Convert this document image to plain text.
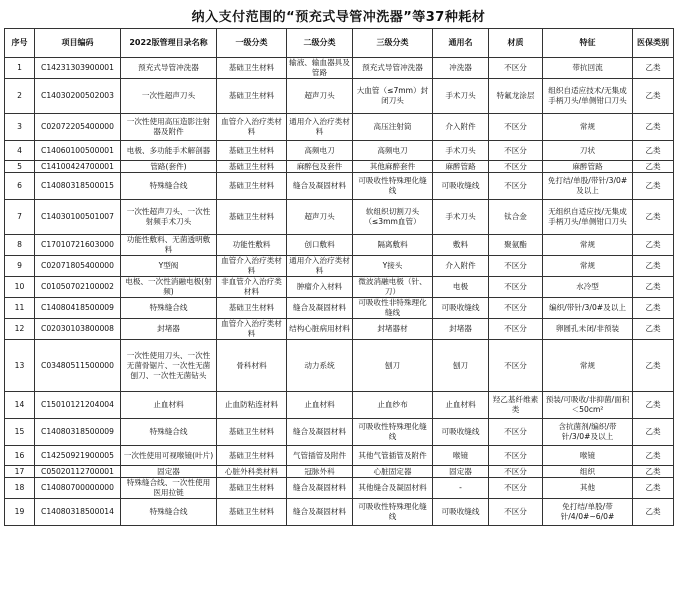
纳入支付范围的“预充式导管冲洗器”等37种耗材
序号	项目编码	2022版管理目录名称	一级分类	二级分类	三级分类	通用名	材质	特征	医保类别
1	C14231303900001	预充式导管冲洗器	基础卫生材料	输液、输血器具及管路	预充式导管冲洗器	冲洗器	不区分	带抗回流	乙类
2	C14030200502003	一次性超声刀头	基础卫生材料	超声刀头	大血管（≤7mm）封闭刀头	手术刀头	特氟龙涂层	组织自适应技术/无集成手柄刀头/单侧钳口刀头	乙类
3	C02072205400000	一次性使用高压造影注射器及附件	血管介入治疗类材料	通用介入治疗类材料	高压注射筒	介入附件	不区分	常规	乙类
4	C14060100500001	电极、多功能手术解剖器	基础卫生材料	高频电刀	高频电刀	手术刀头	不区分	刀状	乙类
5	C14100424700001	管路(套件)	基础卫生材料	麻醉包及套件	其他麻醉套件	麻醉管路	不区分	麻醉管路	乙类
6	C14080318500015	特殊缝合线	基础卫生材料	缝合及凝固材料	可吸收性特殊理化缝线	可吸收缝线	不区分	免打结/单股/带针/3/0#及以上	乙类
7	C14030100501007	一次性超声刀头、一次性射频手术刀头	基础卫生材料	超声刀头	软组织切割刀头（≤3mm血管）	手术刀头	钛合金	无组织自适应技/无集成手柄刀头/单侧钳口刀头	乙类
8	C17010721603000	功能性敷料、无菌透明敷料	功能性敷料	创口敷料	隔离敷料	敷料	聚氨酯	常规	乙类
9	C02071805400000	Y型阀	血管介入治疗类材料	通用介入治疗类材料	Y接头	介入附件	不区分	常规	乙类
10	C01050702100002	电极、一次性消融电极(射频)	非血管介入治疗类材料	肿瘤介入材料	微波消融电极（针、刀）	电极	不区分	水冷型	乙类
11	C14080418500009	特殊缝合线	基础卫生材料	缝合及凝固材料	可吸收性非特殊理化缝线	可吸收缝线	不区分	编织/带针/3/0#及以上	乙类
12	C02030103800008	封堵器	血管介入治疗类材料	结构心脏病用材料	封堵器材	封堵器	不区分	卵圆孔未闭/非预装	乙类
13	C03480511500000	一次性使用刀头、一次性无菌骨锯片、一次性无菌刨刀、一次性无菌钻头	骨科材料	动力系统	刨刀	刨刀	不区分	常规	乙类
14	C15010121204004	止血材料	止血防粘连材料	止血材料	止血纱布	止血材料	羟乙基纤维素类	预装/可吸收/非抑菌/面积＜50cm²	乙类
15	C14080318500009	特殊缝合线	基础卫生材料	缝合及凝固材料	可吸收性特殊理化缝线	可吸收缝线	不区分	含抗菌剂/编织/带针/3/0#及以上	乙类
16	C14250921900005	一次性使用可视喉镜(叶片)	基础卫生材料	气管插管及附件	其他气管插管及附件	喉镜	不区分	喉镜	乙类
17	C05020112700001	固定器	心脏外科类材料	冠脉外科	心脏固定器	固定器	不区分	组织	乙类
18	C14080700000000	特殊缝合线、一次性使用医用拉链	基础卫生材料	缝合及凝固材料	其他缝合及凝固材料	-	不区分	其他	乙类
19	C14080318500014	特殊缝合线	基础卫生材料	缝合及凝固材料	可吸收性特殊理化缝线	可吸收缝线	不区分	免打结/单股/带针/4/0#~6/0#	乙类
